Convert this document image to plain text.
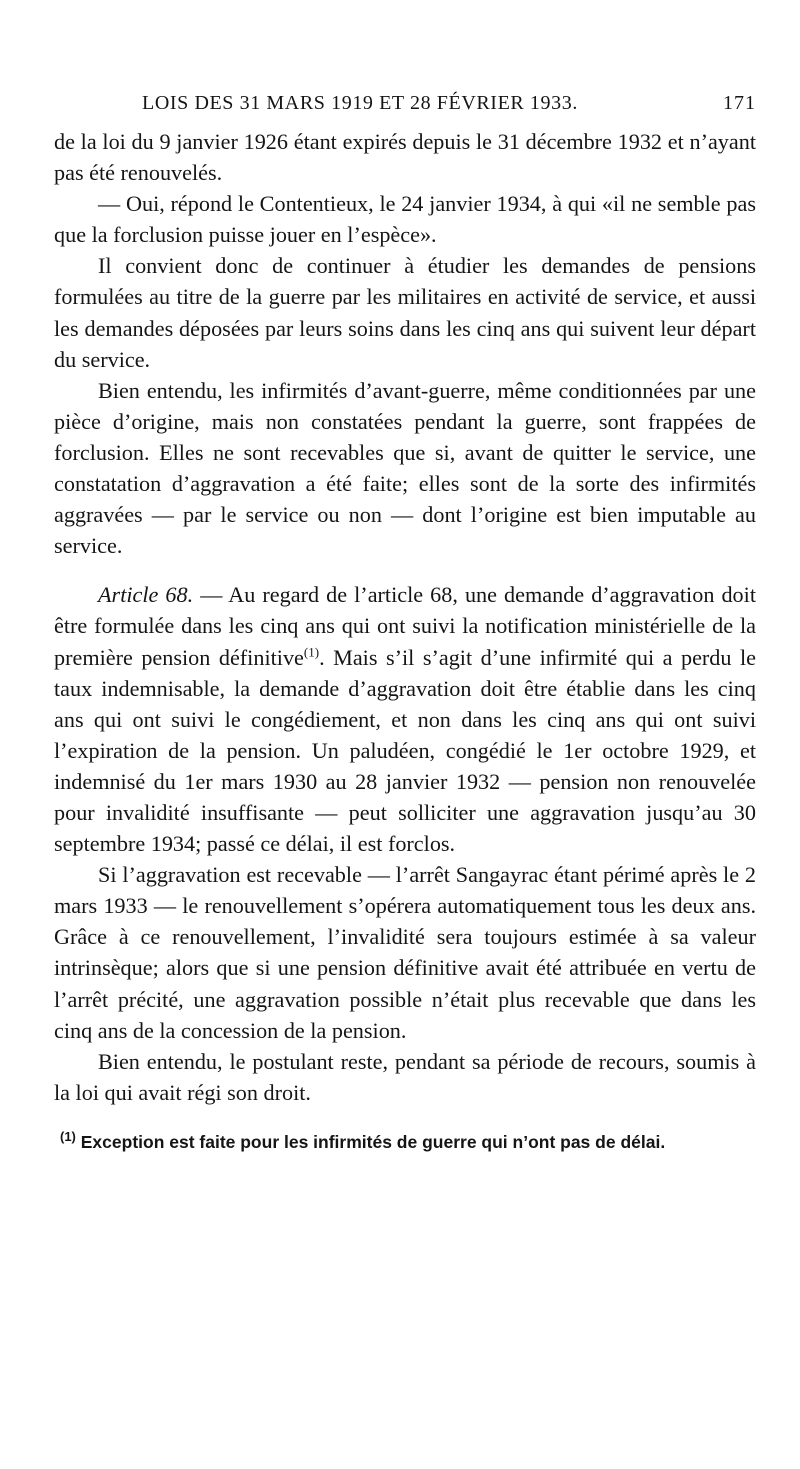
LOIS DES 31 MARS 1919 ET 28 FÉVRIER 1933.	171

de la loi du 9 janvier 1926 étant expirés depuis le 31 décembre 1932 et n’ayant pas été renouvelés.

— Oui, répond le Contentieux, le 24 janvier 1934, à qui «il ne semble pas que la forclusion puisse jouer en l’espèce».

Il convient donc de continuer à étudier les demandes de pensions formulées au titre de la guerre par les militaires en activité de service, et aussi les demandes déposées par leurs soins dans les cinq ans qui suivent leur départ du service.

Bien entendu, les infirmités d’avant-guerre, même conditionnées par une pièce d’origine, mais non constatées pendant la guerre, sont frappées de forclusion. Elles ne sont recevables que si, avant de quitter le service, une constatation d’aggravation a été faite; elles sont de la sorte des infirmités aggravées — par le service ou non — dont l’origine est bien imputable au service.

Article 68. — Au regard de l’article 68, une demande d’aggravation doit être formulée dans les cinq ans qui ont suivi la notification ministérielle de la première pension définitive$^{(1)}$. Mais s’il s’agit d’une infirmité qui a perdu le taux indemnisable, la demande d’aggravation doit être établie dans les cinq ans qui ont suivi le congédiement, et non dans les cinq ans qui ont suivi l’expiration de la pension. Un paludéen, congédié le 1er octobre 1929, et indemnisé du 1er mars 1930 au 28 janvier 1932 — pension non renouvelée pour invalidité insuffisante — peut solliciter une aggravation jusqu’au 30 septembre 1934; passé ce délai, il est forclos.

Si l’aggravation est recevable — l’arrêt Sangayrac étant périmé après le 2 mars 1933 — le renouvellement s’opérera automatiquement tous les deux ans. Grâce à ce renouvellement, l’invalidité sera toujours estimée à sa valeur intrinsèque; alors que si une pension définitive avait été attribuée en vertu de l’arrêt précité, une aggravation possible n’était plus recevable que dans les cinq ans de la concession de la pension.

Bien entendu, le postulant reste, pendant sa période de recours, soumis à la loi qui avait régi son droit.

$^{(1)}$ Exception est faite pour les infirmités de guerre qui n’ont pas de délai.
